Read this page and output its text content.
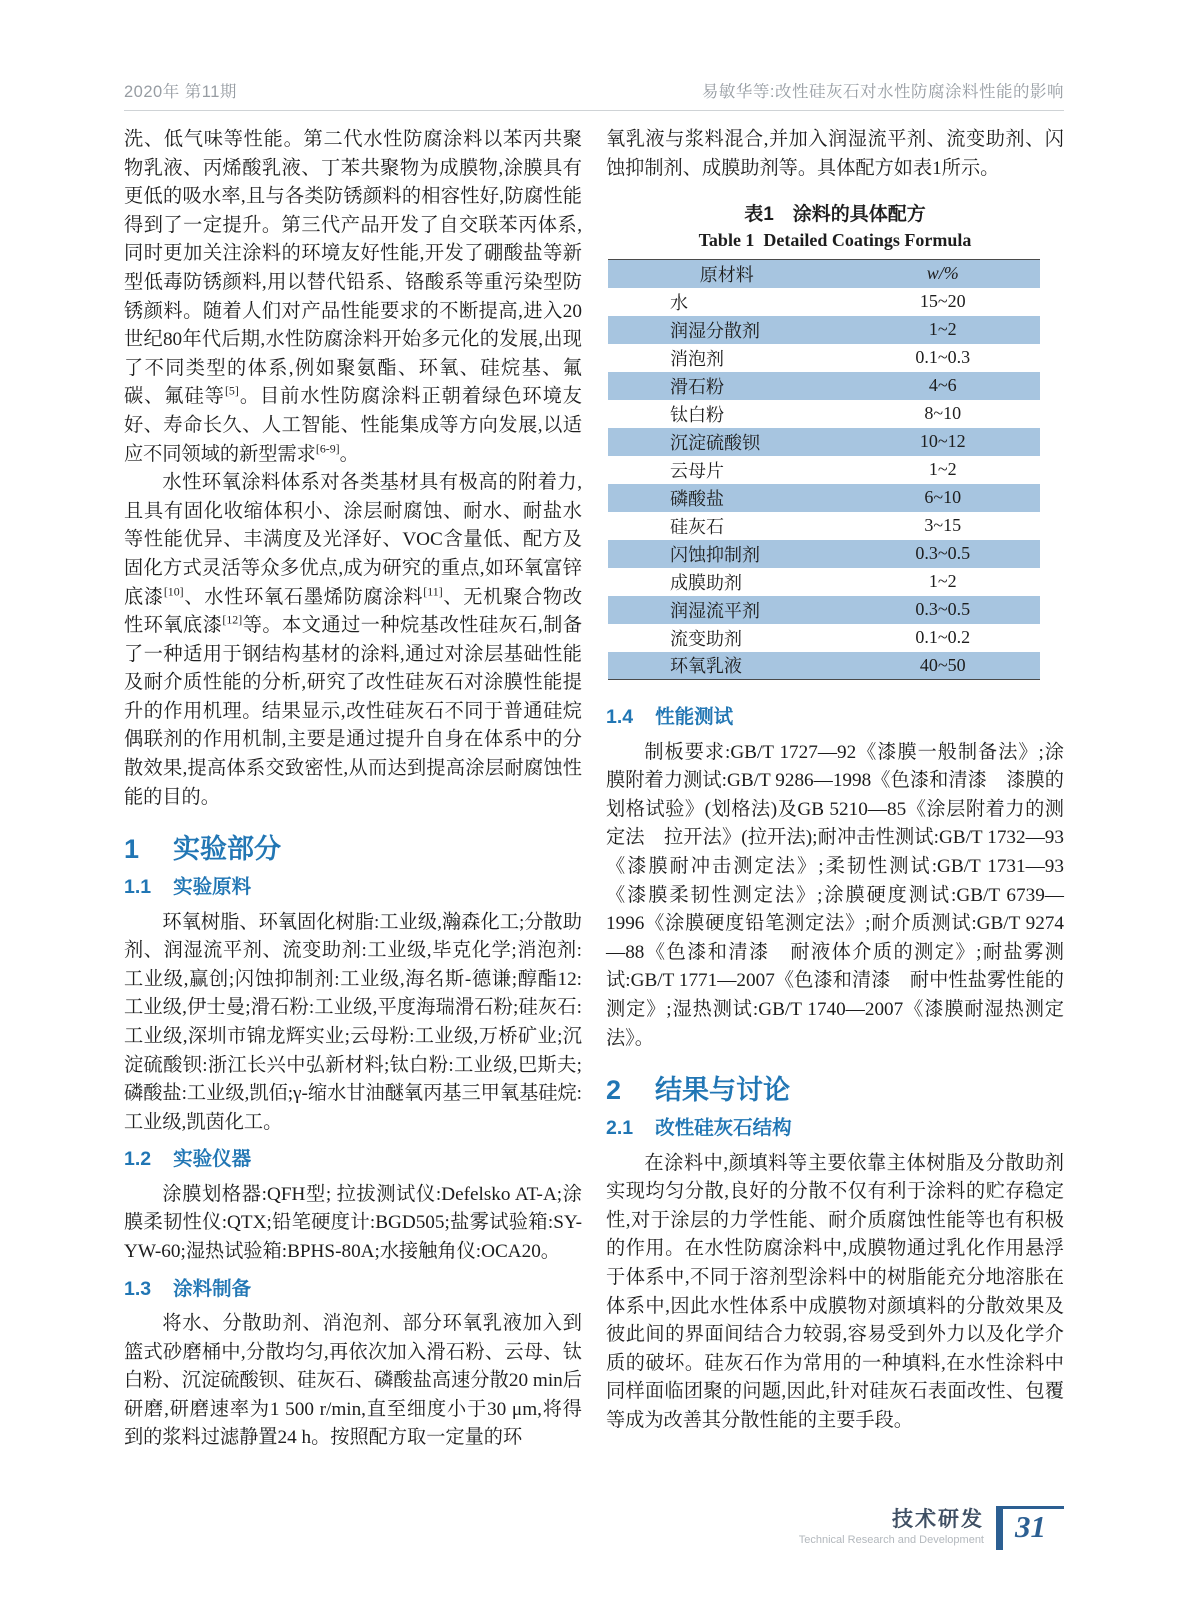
2020年 第11期	易敏华等:改性硅灰石对水性防腐涂料性能的影响

洗、低气味等性能。第二代水性防腐涂料以苯丙共聚物乳液、丙烯酸乳液、丁苯共聚物为成膜物,涂膜具有更低的吸水率,且与各类防锈颜料的相容性好,防腐性能得到了一定提升。第三代产品开发了自交联苯丙体系,同时更加关注涂料的环境友好性能,开发了硼酸盐等新型低毒防锈颜料,用以替代铅系、铬酸系等重污染型防锈颜料。随着人们对产品性能要求的不断提高,进入20世纪80年代后期,水性防腐涂料开始多元化的发展,出现了不同类型的体系,例如聚氨酯、环氧、硅烷基、氟碳、氟硅等[5]。目前水性防腐涂料正朝着绿色环境友好、寿命长久、人工智能、性能集成等方向发展,以适应不同领域的新型需求[6-9]。

水性环氧涂料体系对各类基材具有极高的附着力,且具有固化收缩体积小、涂层耐腐蚀、耐水、耐盐水等性能优异、丰满度及光泽好、VOC含量低、配方及固化方式灵活等众多优点,成为研究的重点,如环氧富锌底漆[10]、水性环氧石墨烯防腐涂料[11]、无机聚合物改性环氧底漆[12]等。本文通过一种烷基改性硅灰石,制备了一种适用于钢结构基材的涂料,通过对涂层基础性能及耐介质性能的分析,研究了改性硅灰石对涂膜性能提升的作用机理。结果显示,改性硅灰石不同于普通硅烷偶联剂的作用机制,主要是通过提升自身在体系中的分散效果,提高体系交致密性,从而达到提高涂层耐腐蚀性能的目的。

1 实验部分
1.1 实验原料

环氧树脂、环氧固化树脂:工业级,瀚森化工;分散助剂、润湿流平剂、流变助剂:工业级,毕克化学;消泡剂:工业级,赢创;闪蚀抑制剂:工业级,海名斯-德谦;醇酯12:工业级,伊士曼;滑石粉:工业级,平度海瑞滑石粉;硅灰石:工业级,深圳市锦龙辉实业;云母粉:工业级,万桥矿业;沉淀硫酸钡:浙江长兴中弘新材料;钛白粉:工业级,巴斯夫;磷酸盐:工业级,凯佰;γ-缩水甘油醚氧丙基三甲氧基硅烷:工业级,凯茵化工。

1.2 实验仪器

涂膜划格器:QFH型; 拉拔测试仪:Defelsko AT-A;涂膜柔韧性仪:QTX;铅笔硬度计:BGD505;盐雾试验箱:SY-YW-60;湿热试验箱:BPHS-80A;水接触角仪:OCA20。

1.3 涂料制备

将水、分散助剂、消泡剂、部分环氧乳液加入到篮式砂磨桶中,分散均匀,再依次加入滑石粉、云母、钛白粉、沉淀硫酸钡、硅灰石、磷酸盐高速分散20 min后研磨,研磨速率为1 500 r/min,直至细度小于30 μm,将得到的浆料过滤静置24 h。按照配方取一定量的环

氧乳液与浆料混合,并加入润湿流平剂、流变助剂、闪蚀抑制剂、成膜助剂等。具体配方如表1所示。

表1　涂料的具体配方
Table 1  Detailed Coatings Formula
原材料	w/%
水	15~20
润湿分散剂	1~2
消泡剂	0.1~0.3
滑石粉	4~6
钛白粉	8~10
沉淀硫酸钡	10~12
云母片	1~2
磷酸盐	6~10
硅灰石	3~15
闪蚀抑制剂	0.3~0.5
成膜助剂	1~2
润湿流平剂	0.3~0.5
流变助剂	0.1~0.2
环氧乳液	40~50
1.4 性能测试

制板要求:GB/T 1727—92《漆膜一般制备法》;涂膜附着力测试:GB/T 9286—1998《色漆和清漆　漆膜的划格试验》(划格法)及GB 5210—85《涂层附着力的测定法　拉开法》(拉开法);耐冲击性测试:GB/T 1732—93《漆膜耐冲击测定法》;柔韧性测试:GB/T 1731—93《漆膜柔韧性测定法》;涂膜硬度测试:GB/T 6739—1996《涂膜硬度铅笔测定法》;耐介质测试:GB/T 9274—88《色漆和清漆　耐液体介质的测定》;耐盐雾测试:GB/T 1771—2007《色漆和清漆　耐中性盐雾性能的测定》;湿热测试:GB/T 1740—2007《漆膜耐湿热测定法》。

2 结果与讨论
2.1 改性硅灰石结构

在涂料中,颜填料等主要依靠主体树脂及分散助剂实现均匀分散,良好的分散不仅有利于涂料的贮存稳定性,对于涂层的力学性能、耐介质腐蚀性能等也有积极的作用。在水性防腐涂料中,成膜物通过乳化作用悬浮于体系中,不同于溶剂型涂料中的树脂能充分地溶胀在体系中,因此水性体系中成膜物对颜填料的分散效果及彼此间的界面间结合力较弱,容易受到外力以及化学介质的破坏。硅灰石作为常用的一种填料,在水性涂料中同样面临团聚的问题,因此,针对硅灰石表面改性、包覆等成为改善其分散性能的主要手段。

技术研发
Technical Research and Development	31
